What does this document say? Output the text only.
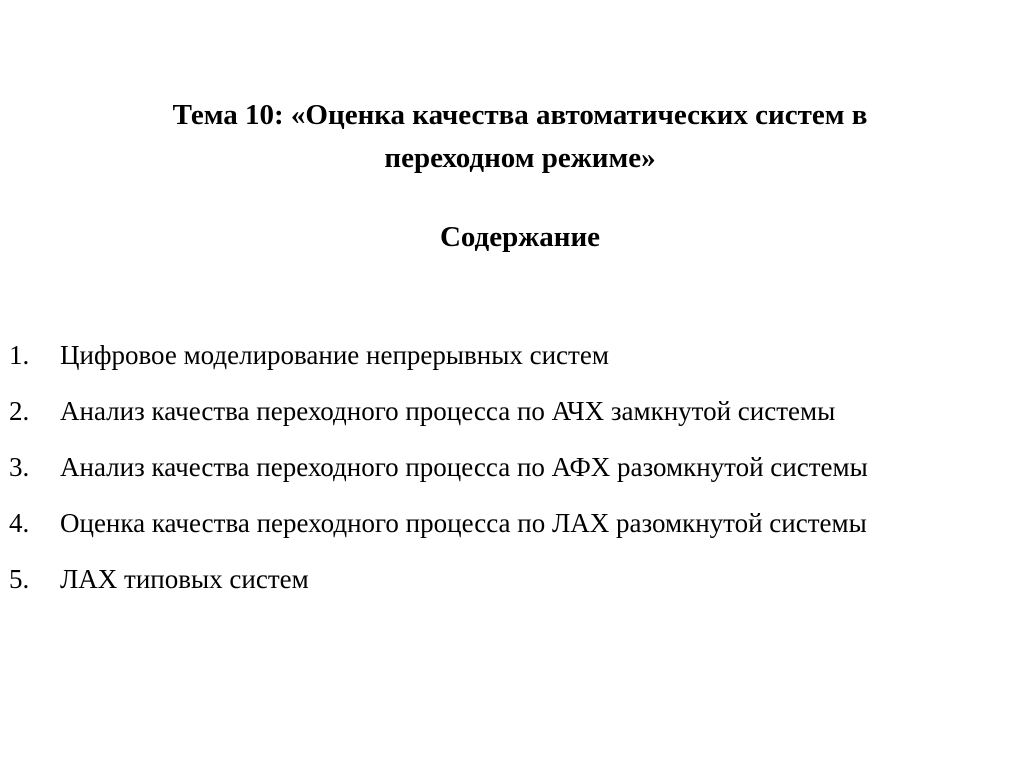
Тема 10: «Оценка качества автоматических систем в
переходном режиме»
Содержание
1. Цифровое моделирование непрерывных систем
2. Анализ качества переходного процесса по АЧХ замкнутой системы
3. Анализ качества переходного процесса по АФХ разомкнутой системы
4. Оценка качества переходного процесса по ЛАХ разомкнутой системы
5. ЛАХ типовых систем
